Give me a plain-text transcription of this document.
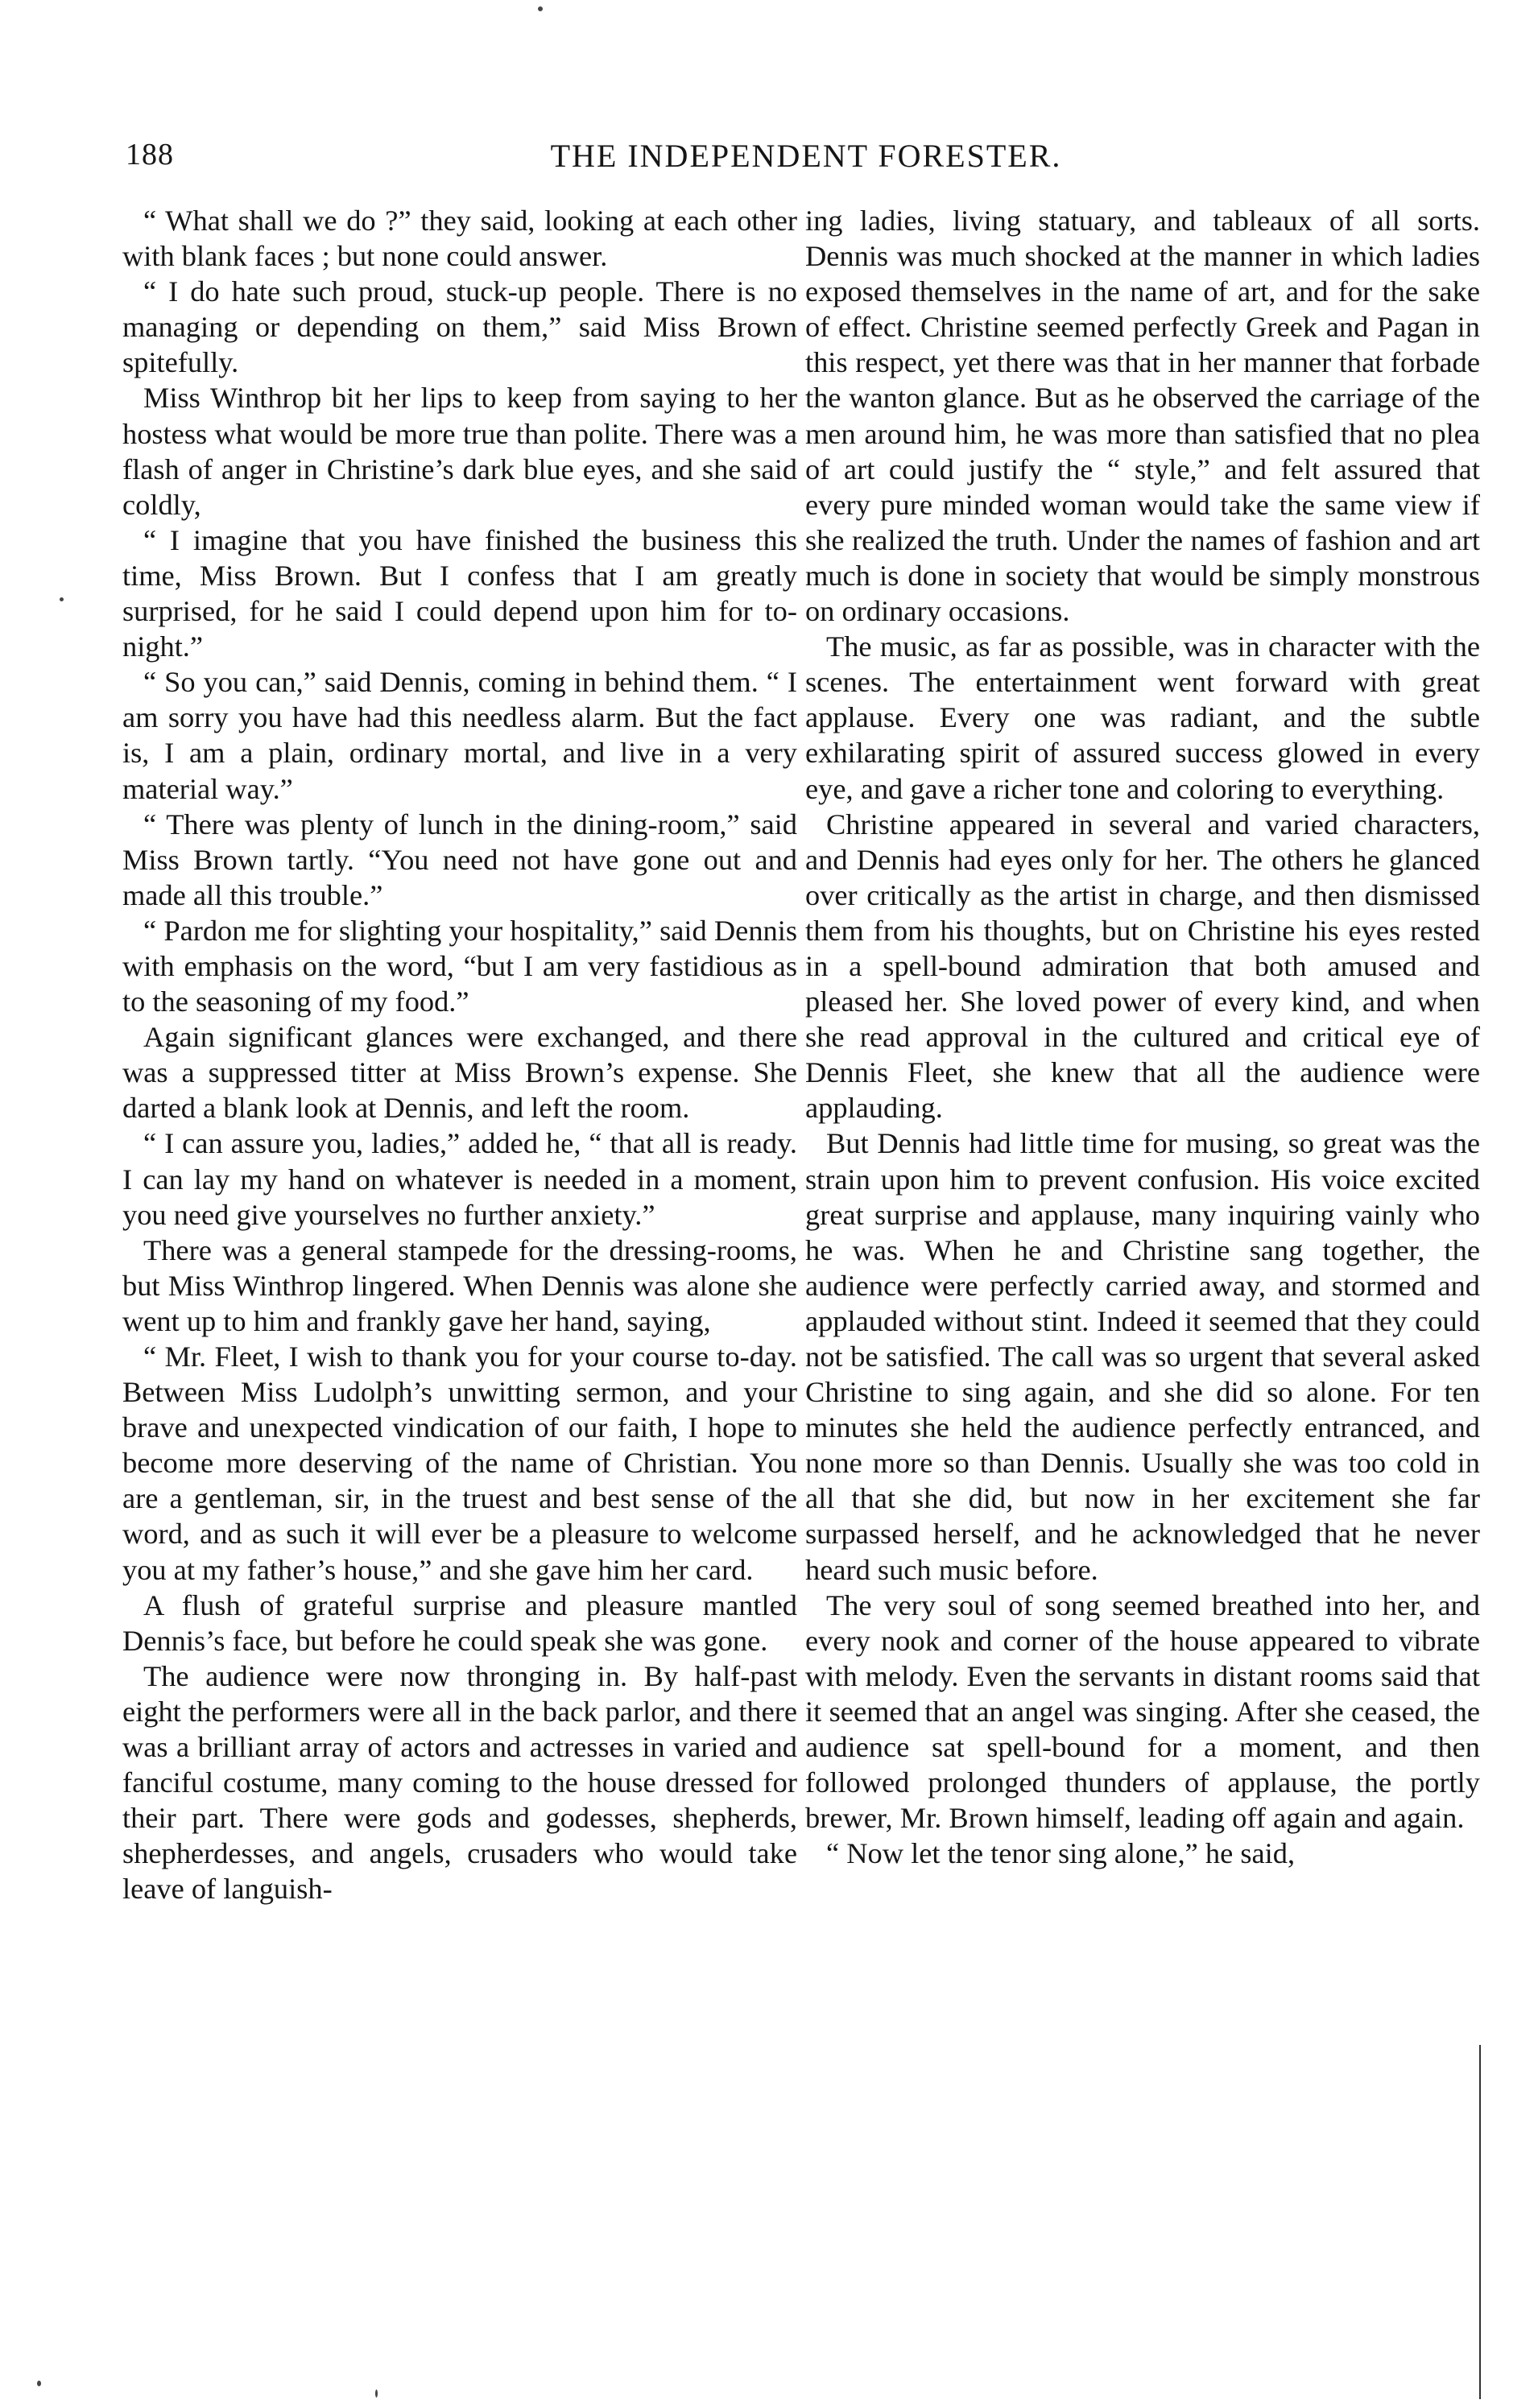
188	THE INDEPENDENT FORESTER.

“ What shall we do ?” they said, looking at each other with blank faces ; but none could answer.

“ I do hate such proud, stuck-up people. There is no managing or depending on them,” said Miss Brown spitefully.

Miss Winthrop bit her lips to keep from saying to her hostess what would be more true than polite. There was a flash of anger in Christine’s dark blue eyes, and she said coldly,

“ I imagine that you have finished the business this time, Miss Brown. But I confess that I am greatly surprised, for he said I could depend upon him for to-night.”

“ So you can,” said Dennis, coming in behind them. “ I am sorry you have had this needless alarm. But the fact is, I am a plain, ordinary mortal, and live in a very material way.”

“ There was plenty of lunch in the dining-room,” said Miss Brown tartly. “You need not have gone out and made all this trouble.”

“ Pardon me for slighting your hospitality,” said Dennis with emphasis on the word, “but I am very fastidious as to the seasoning of my food.”

Again significant glances were exchanged, and there was a suppressed titter at Miss Brown’s expense. She darted a blank look at Dennis, and left the room.

“ I can assure you, ladies,” added he, “ that all is ready. I can lay my hand on whatever is needed in a moment, you need give yourselves no further anxiety.”

There was a general stampede for the dressing-rooms, but Miss Winthrop lingered. When Dennis was alone she went up to him and frankly gave her hand, saying,

“ Mr. Fleet, I wish to thank you for your course to-day. Between Miss Ludolph’s unwitting sermon, and your brave and unexpected vindication of our faith, I hope to become more deserving of the name of Christian. You are a gentleman, sir, in the truest and best sense of the word, and as such it will ever be a pleasure to welcome you at my father’s house,” and she gave him her card.

A flush of grateful surprise and pleasure mantled Dennis’s face, but before he could speak she was gone.

The audience were now thronging in. By half-past eight the performers were all in the back parlor, and there was a brilliant array of actors and actresses in varied and fanciful costume, many coming to the house dressed for their part. There were gods and godesses, shepherds, shepherdesses, and angels, crusaders who would take leave of languish-

ing ladies, living statuary, and tableaux of all sorts. Dennis was much shocked at the manner in which ladies exposed themselves in the name of art, and for the sake of effect. Christine seemed perfectly Greek and Pagan in this respect, yet there was that in her manner that forbade the wanton glance. But as he observed the carriage of the men around him, he was more than satisfied that no plea of art could justify the “ style,” and felt assured that every pure minded woman would take the same view if she realized the truth. Under the names of fashion and art much is done in society that would be simply monstrous on ordinary occasions.

The music, as far as possible, was in character with the scenes. The entertainment went forward with great applause. Every one was radiant, and the subtle exhilarating spirit of assured success glowed in every eye, and gave a richer tone and coloring to everything.

Christine appeared in several and varied characters, and Dennis had eyes only for her. The others he glanced over critically as the artist in charge, and then dismissed them from his thoughts, but on Christine his eyes rested in a spell-bound admiration that both amused and pleased her. She loved power of every kind, and when she read approval in the cultured and critical eye of Dennis Fleet, she knew that all the audience were applauding.

But Dennis had little time for musing, so great was the strain upon him to prevent confusion. His voice excited great surprise and applause, many inquiring vainly who he was. When he and Christine sang together, the audience were perfectly carried away, and stormed and applauded without stint. Indeed it seemed that they could not be satisfied. The call was so urgent that several asked Christine to sing again, and she did so alone. For ten minutes she held the audience perfectly entranced, and none more so than Dennis. Usually she was too cold in all that she did, but now in her excitement she far surpassed herself, and he acknowledged that he never heard such music before.

The very soul of song seemed breathed into her, and every nook and corner of the house appeared to vibrate with melody. Even the servants in distant rooms said that it seemed that an angel was singing. After she ceased, the audience sat spell-bound for a moment, and then followed prolonged thunders of applause, the portly brewer, Mr. Brown himself, leading off again and again.

“ Now let the tenor sing alone,” he said,
